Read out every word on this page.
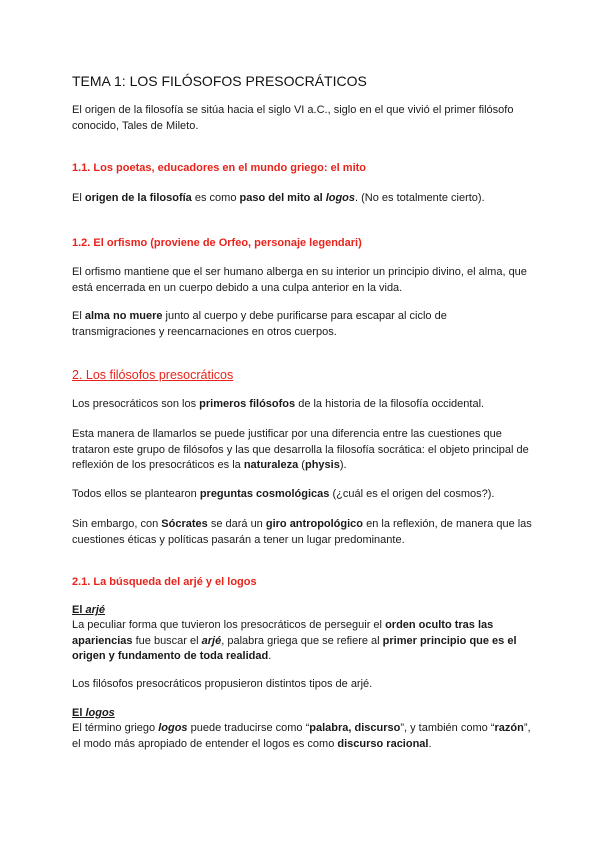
TEMA 1: LOS FILÓSOFOS PRESOCRÁTICOS

El origen de la filosofía se sitúa hacia el siglo VI a.C., siglo en el que vivió el primer filósofo conocido, Tales de Mileto.

1.1. Los poetas, educadores en el mundo griego: el mito

El origen de la filosofía es como paso del mito al logos. (No es totalmente cierto).

1.2. El orfismo (proviene de Orfeo, personaje legendari)

El orfismo mantiene que el ser humano alberga en su interior un principio divino, el alma, que está encerrada en un cuerpo debido a una culpa anterior en la vida.

El alma no muere junto al cuerpo y debe purificarse para escapar al ciclo de transmigraciones y reencarnaciones en otros cuerpos.

2. Los filósofos presocráticos

Los presocráticos son los primeros filósofos de la historia de la filosofía occidental.

Esta manera de llamarlos se puede justificar por una diferencia entre las cuestiones que trataron este grupo de filósofos y las que desarrolla la filosofía socrática: el objeto principal de reflexión de los presocráticos es la naturaleza (physis).

Todos ellos se plantearon preguntas cosmológicas (¿cuál es el origen del cosmos?).

Sin embargo, con Sócrates se dará un giro antropológico en la reflexión, de manera que las cuestiones éticas y políticas pasarán a tener un lugar predominante.

2.1. La búsqueda del arjé y el logos

El arjé

La peculiar forma que tuvieron los presocráticos de perseguir el orden oculto tras las apariencias fue buscar el arjé, palabra griega que se refiere al primer principio que es el origen y fundamento de toda realidad.

Los filósofos presocráticos propusieron distintos tipos de arjé.

El logos

El término griego logos puede traducirse como “palabra, discurso”, y también como “razón”, el modo más apropiado de entender el logos es como discurso racional.
